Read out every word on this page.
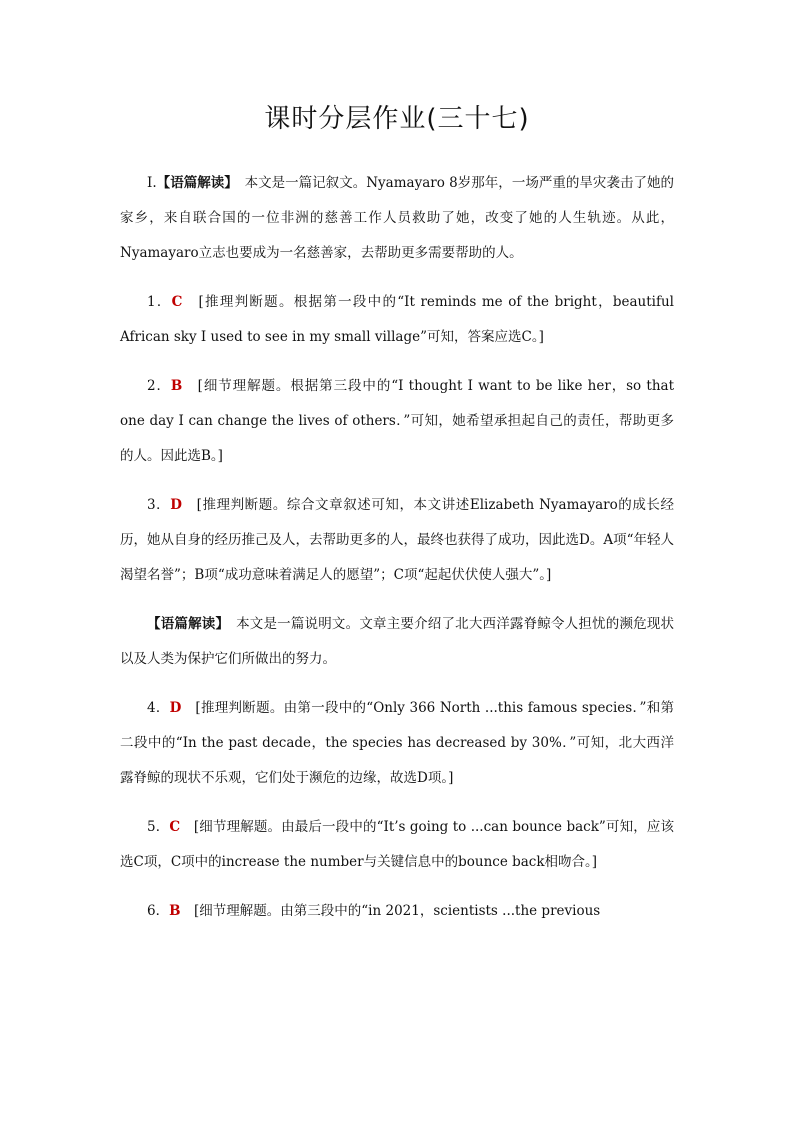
课时分层作业(三十七)

Ⅰ.【语篇解读】　本文是一篇记叙文。Nyamayaro 8岁那年，一场严重的旱灾袭击了她的家乡，来自联合国的一位非洲的慈善工作人员救助了她，改变了她的人生轨迹。从此，Nyamayaro立志也要成为一名慈善家，去帮助更多需要帮助的人。

1．C　[推理判断题。根据第一段中的“It reminds me of the bright，beautiful African sky I used to see in my small village”可知，答案应选C。]

2．B　[细节理解题。根据第三段中的“I thought I want to be like her，so that one day I can change the lives of others．”可知，她希望承担起自己的责任，帮助更多的人。因此选B。]

3．D　[推理判断题。综合文章叙述可知，本文讲述Elizabeth Nyamayaro的成长经历，她从自身的经历推己及人，去帮助更多的人，最终也获得了成功，因此选D。A项“年轻人渴望名誉”；B项“成功意味着满足人的愿望”；C项“起起伏伏使人强大”。]

【语篇解读】　本文是一篇说明文。文章主要介绍了北大西洋露脊鲸令人担忧的濒危现状以及人类为保护它们所做出的努力。

4．D　[推理判断题。由第一段中的“Only 366 North ...this famous species．”和第二段中的“In the past decade，the species has decreased by 30%．”可知，北大西洋露脊鲸的现状不乐观，它们处于濒危的边缘，故选D项。]

5．C　[细节理解题。由最后一段中的“It’s going to ...can bounce back”可知，应该选C项，C项中的increase the number与关键信息中的bounce back相吻合。]

6．B　[细节理解题。由第三段中的“in 2021，scientists ...the previous
